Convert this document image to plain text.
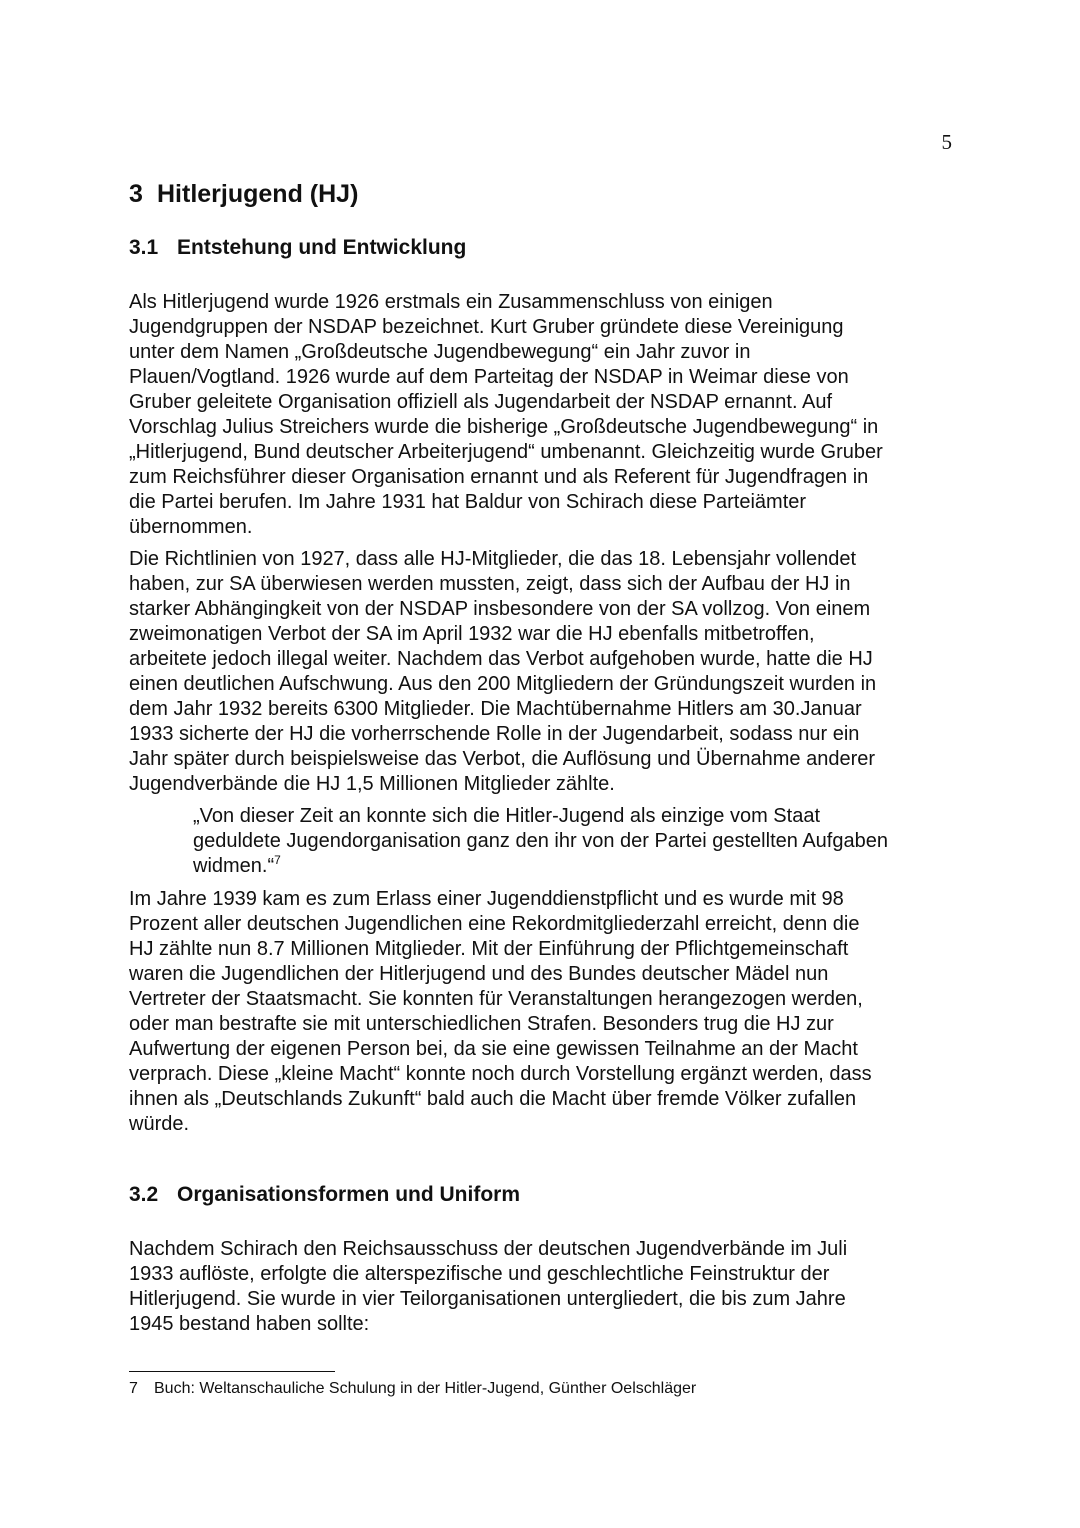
5
3 Hitlerjugend (HJ)
3.1 Entstehung und Entwicklung

Als Hitlerjugend wurde 1926 erstmals ein Zusammenschluss von einigen
Jugendgruppen der NSDAP bezeichnet. Kurt Gruber gründete diese Vereinigung
unter dem Namen „Großdeutsche Jugendbewegung“ ein Jahr zuvor in
Plauen/Vogtland. 1926 wurde auf dem Parteitag der NSDAP in Weimar diese von
Gruber geleitete Organisation offiziell als Jugendarbeit der NSDAP ernannt. Auf
Vorschlag Julius Streichers wurde die bisherige „Großdeutsche Jugendbewegung“ in
„Hitlerjugend, Bund deutscher Arbeiterjugend“ umbenannt. Gleichzeitig wurde Gruber
zum Reichsführer dieser Organisation ernannt und als Referent für Jugendfragen in
die Partei berufen. Im Jahre 1931 hat Baldur von Schirach diese Parteiämter
übernommen.

Die Richtlinien von 1927, dass alle HJ-Mitglieder, die das 18. Lebensjahr vollendet
haben, zur SA überwiesen werden mussten, zeigt, dass sich der Aufbau der HJ in
starker Abhängingkeit von der NSDAP insbesondere von der SA vollzog. Von einem
zweimonatigen Verbot der SA im April 1932 war die HJ ebenfalls mitbetroffen,
arbeitete jedoch illegal weiter. Nachdem das Verbot aufgehoben wurde, hatte die HJ
einen deutlichen Aufschwung. Aus den 200 Mitgliedern der Gründungszeit wurden in
dem Jahr 1932 bereits 6300 Mitglieder. Die Machtübernahme Hitlers am 30.Januar
1933 sicherte der HJ die vorherrschende Rolle in der Jugendarbeit, sodass nur ein
Jahr später durch beispielsweise das Verbot, die Auflösung und Übernahme anderer
Jugendverbände die HJ 1,5 Millionen Mitglieder zählte.

„Von dieser Zeit an konnte sich die Hitler-Jugend als einzige vom Staat
geduldete Jugendorganisation ganz den ihr von der Partei gestellten Aufgaben
widmen.“$^7$

Im Jahre 1939 kam es zum Erlass einer Jugenddienstpflicht und es wurde mit 98
Prozent aller deutschen Jugendlichen eine Rekordmitgliederzahl erreicht, denn die
HJ zählte nun 8.7 Millionen Mitglieder. Mit der Einführung der Pflichtgemeinschaft
waren die Jugendlichen der Hitlerjugend und des Bundes deutscher Mädel nun
Vertreter der Staatsmacht. Sie konnten für Veranstaltungen herangezogen werden,
oder man bestrafte sie mit unterschiedlichen Strafen. Besonders trug die HJ zur
Aufwertung der eigenen Person bei, da sie eine gewissen Teilnahme an der Macht
verprach. Diese „kleine Macht“ konnte noch durch Vorstellung ergänzt werden, dass
ihnen als „Deutschlands Zukunft“ bald auch die Macht über fremde Völker zufallen
würde.

3.2 Organisationsformen und Uniform

Nachdem Schirach den Reichsausschuss der deutschen Jugendverbände im Juli
1933 auflöste, erfolgte die alterspezifische und geschlechtliche Feinstruktur der
Hitlerjugend. Sie wurde in vier Teilorganisationen untergliedert, die bis zum Jahre
1945 bestand haben sollte:

7 Buch: Weltanschauliche Schulung in der Hitler-Jugend, Günther Oelschläger
